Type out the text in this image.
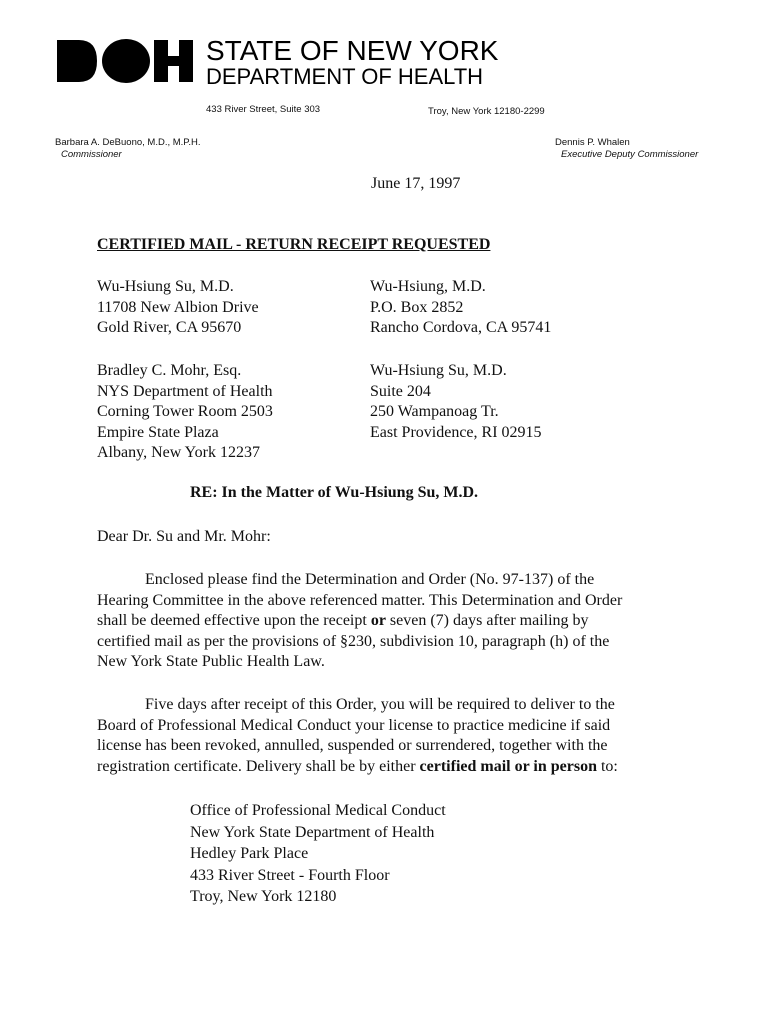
STATE OF NEW YORK
DEPARTMENT OF HEALTH
433 River Street, Suite 303	Troy, New York 12180-2299
Barbara A. DeBuono, M.D., M.P.H.
Commissioner
Dennis P. Whalen
Executive Deputy Commissioner
June 17, 1997
CERTIFIED MAIL - RETURN RECEIPT REQUESTED
Wu-Hsiung Su, M.D.
11708 New Albion Drive
Gold River, CA 95670
Wu-Hsiung, M.D.
P.O. Box 2852
Rancho Cordova, CA 95741
Bradley C. Mohr, Esq.
NYS Department of Health
Corning Tower Room 2503
Empire State Plaza
Albany, New York 12237
Wu-Hsiung Su, M.D.
Suite 204
250 Wampanoag Tr.
East Providence, RI 02915
RE: In the Matter of Wu-Hsiung Su, M.D.
Dear Dr. Su and Mr. Mohr:
Enclosed please find the Determination and Order (No. 97-137) of the
Hearing Committee in the above referenced matter. This Determination and Order
shall be deemed effective upon the receipt or seven (7) days after mailing by
certified mail as per the provisions of §230, subdivision 10, paragraph (h) of the
New York State Public Health Law.
Five days after receipt of this Order, you will be required to deliver to the
Board of Professional Medical Conduct your license to practice medicine if said
license has been revoked, annulled, suspended or surrendered, together with the
registration certificate. Delivery shall be by either certified mail or in person to:
Office of Professional Medical Conduct
New York State Department of Health
Hedley Park Place
433 River Street - Fourth Floor
Troy, New York 12180
